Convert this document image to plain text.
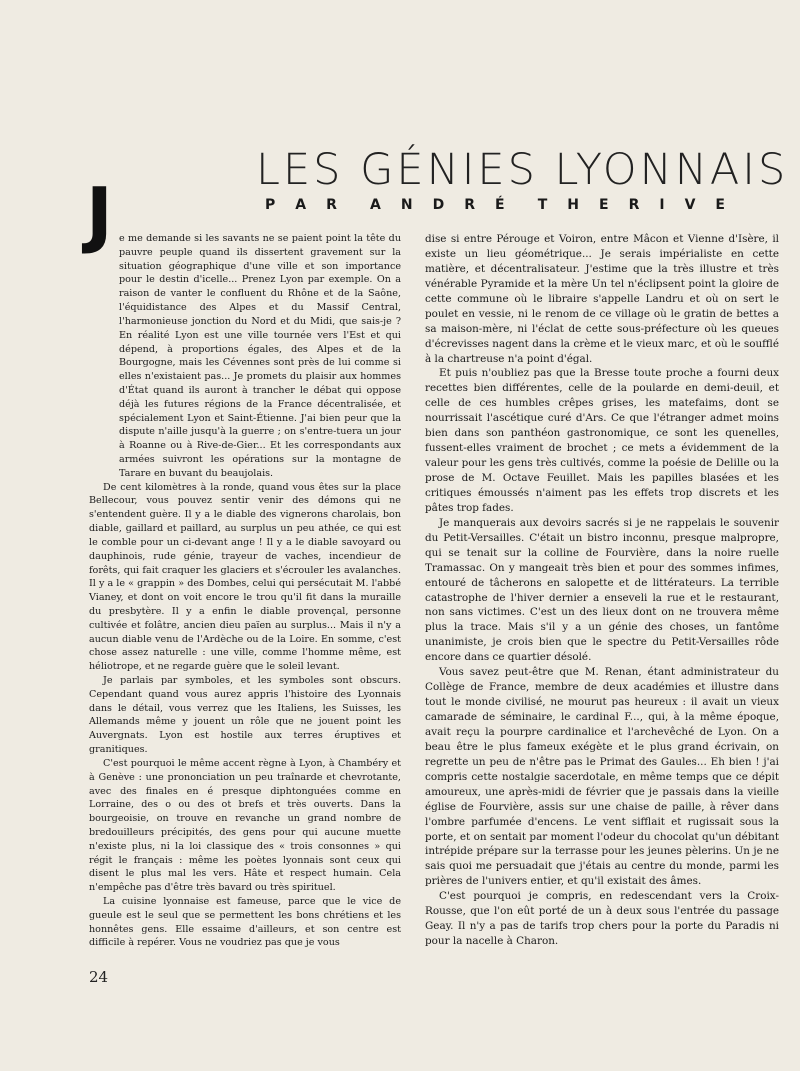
LES GÉNIES LYONNAIS
P A R A N D R É T H E R I V E
J e me demande si les savants ne se paient point la tête du pauvre peuple quand ils dissertent gravement sur la situation géographique d'une ville et son importance pour le destin d'icelle... Prenez Lyon par exemple. On a raison de vanter le confluent du Rhône et de la Saône, l'équidistance des Alpes et du Massif Central, l'harmonieuse jonction du Nord et du Midi, que sais-je ? En réalité Lyon est une ville tournée vers l'Est et qui dépend, à proportions égales, des Alpes et de la Bourgogne, mais les Cévennes sont près de lui comme si elles n'existaient pas... Je promets du plaisir aux hommes d'État quand ils auront à trancher le débat qui oppose déjà les futures régions de la France décentralisée, et spécialement Lyon et Saint-Étienne. J'ai bien peur que la dispute n'aille jusqu'à la guerre ; on s'entre-tuera un jour à Roanne ou à Rive-de-Gier... Et les correspondants aux armées suivront les opérations sur la montagne de Tarare en buvant du beaujolais.

De cent kilomètres à la ronde, quand vous êtes sur la place Bellecour, vous pouvez sentir venir des démons qui ne s'entendent guère. Il y a le diable des vignerons charolais, bon diable, gaillard et paillard, au surplus un peu athée, ce qui est le comble pour un ci-devant ange ! Il y a le diable savoyard ou dauphinois, rude génie, trayeur de vaches, incendieur de forêts, qui fait craquer les glaciers et s'écrouler les avalanches. Il y a le « grappin » des Dombes, celui qui persécutait M. l'abbé Vianey, et dont on voit encore le trou qu'il fit dans la muraille du presbytère. Il y a enfin le diable provençal, personne cultivée et folâtre, ancien dieu païen au surplus... Mais il n'y a aucun diable venu de l'Ardèche ou de la Loire. En somme, c'est chose assez naturelle : une ville, comme l'homme même, est héliotrope, et ne regarde guère que le soleil levant.

Je parlais par symboles, et les symboles sont obscurs. Cependant quand vous aurez appris l'histoire des Lyonnais dans le détail, vous verrez que les Italiens, les Suisses, les Allemands même y jouent un rôle que ne jouent point les Auvergnats. Lyon est hostile aux terres éruptives et granitiques.

C'est pourquoi le même accent règne à Lyon, à Chambéry et à Genève : une prononciation un peu traînarde et chevrotante, avec des finales en é presque diphtonguées comme en Lorraine, des o ou des ot brefs et très ouverts. Dans la bourgeoisie, on trouve en revanche un grand nombre de bredouilleurs précipités, des gens pour qui aucune muette n'existe plus, ni la loi classique des « trois consonnes » qui régit le français : même les poètes lyonnais sont ceux qui disent le plus mal les vers. Hâte et respect humain. Cela n'empêche pas d'être très bavard ou très spirituel.

La cuisine lyonnaise est fameuse, parce que le vice de gueule est le seul que se permettent les bons chrétiens et les honnêtes gens. Elle essaime d'ailleurs, et son centre est difficile à repérer. Vous ne voudriez pas que je vous

dise si entre Pérouge et Voiron, entre Mâcon et Vienne d'Isère, il existe un lieu géométrique... Je serais impérialiste en cette matière, et décentralisateur. J'estime que la très illustre et très vénérable Pyramide et la mère Un tel n'éclipsent point la gloire de cette commune où le libraire s'appelle Landru et où on sert le poulet en vessie, ni le renom de ce village où le gratin de bettes a sa maison-mère, ni l'éclat de cette sous-préfecture où les queues d'écrevisses nagent dans la crème et le vieux marc, et où le soufflé à la chartreuse n'a point d'égal.

Et puis n'oubliez pas que la Bresse toute proche a fourni deux recettes bien différentes, celle de la poularde en demi-deuil, et celle de ces humbles crêpes grises, les matefaims, dont se nourrissait l'ascétique curé d'Ars. Ce que l'étranger admet moins bien dans son panthéon gastronomique, ce sont les quenelles, fussent-elles vraiment de brochet ; ce mets a évidemment de la valeur pour les gens très cultivés, comme la poésie de Delille ou la prose de M. Octave Feuillet. Mais les papilles blasées et les critiques émoussés n'aiment pas les effets trop discrets et les pâtes trop fades.

Je manquerais aux devoirs sacrés si je ne rappelais le souvenir du Petit-Versailles. C'était un bistro inconnu, presque malpropre, qui se tenait sur la colline de Fourvière, dans la noire ruelle Tramassac. On y mangeait très bien et pour des sommes infimes, entouré de tâcherons en salopette et de littérateurs. La terrible catastrophe de l'hiver dernier a enseveli la rue et le restaurant, non sans victimes. C'est un des lieux dont on ne trouvera même plus la trace. Mais s'il y a un génie des choses, un fantôme unanimiste, je crois bien que le spectre du Petit-Versailles rôde encore dans ce quartier désolé.

Vous savez peut-être que M. Renan, étant administrateur du Collège de France, membre de deux académies et illustre dans tout le monde civilisé, ne mourut pas heureux : il avait un vieux camarade de séminaire, le cardinal F..., qui, à la même époque, avait reçu la pourpre cardinalice et l'archevêché de Lyon. On a beau être le plus fameux exégète et le plus grand écrivain, on regrette un peu de n'être pas le Primat des Gaules... Eh bien ! j'ai compris cette nostalgie sacerdotale, en même temps que ce dépit amoureux, une après-midi de février que je passais dans la vieille église de Fourvière, assis sur une chaise de paille, à rêver dans l'ombre parfumée d'encens. Le vent sifflait et rugissait sous la porte, et on sentait par moment l'odeur du chocolat qu'un débitant intrépide prépare sur la terrasse pour les jeunes pèlerins. Un je ne sais quoi me persuadait que j'étais au centre du monde, parmi les prières de l'univers entier, et qu'il existait des âmes.

C'est pourquoi je compris, en redescendant vers la Croix-Rousse, que l'on eût porté de un à deux sous l'entrée du passage Geay. Il n'y a pas de tarifs trop chers pour la porte du Paradis ni pour la nacelle à Charon.

24
